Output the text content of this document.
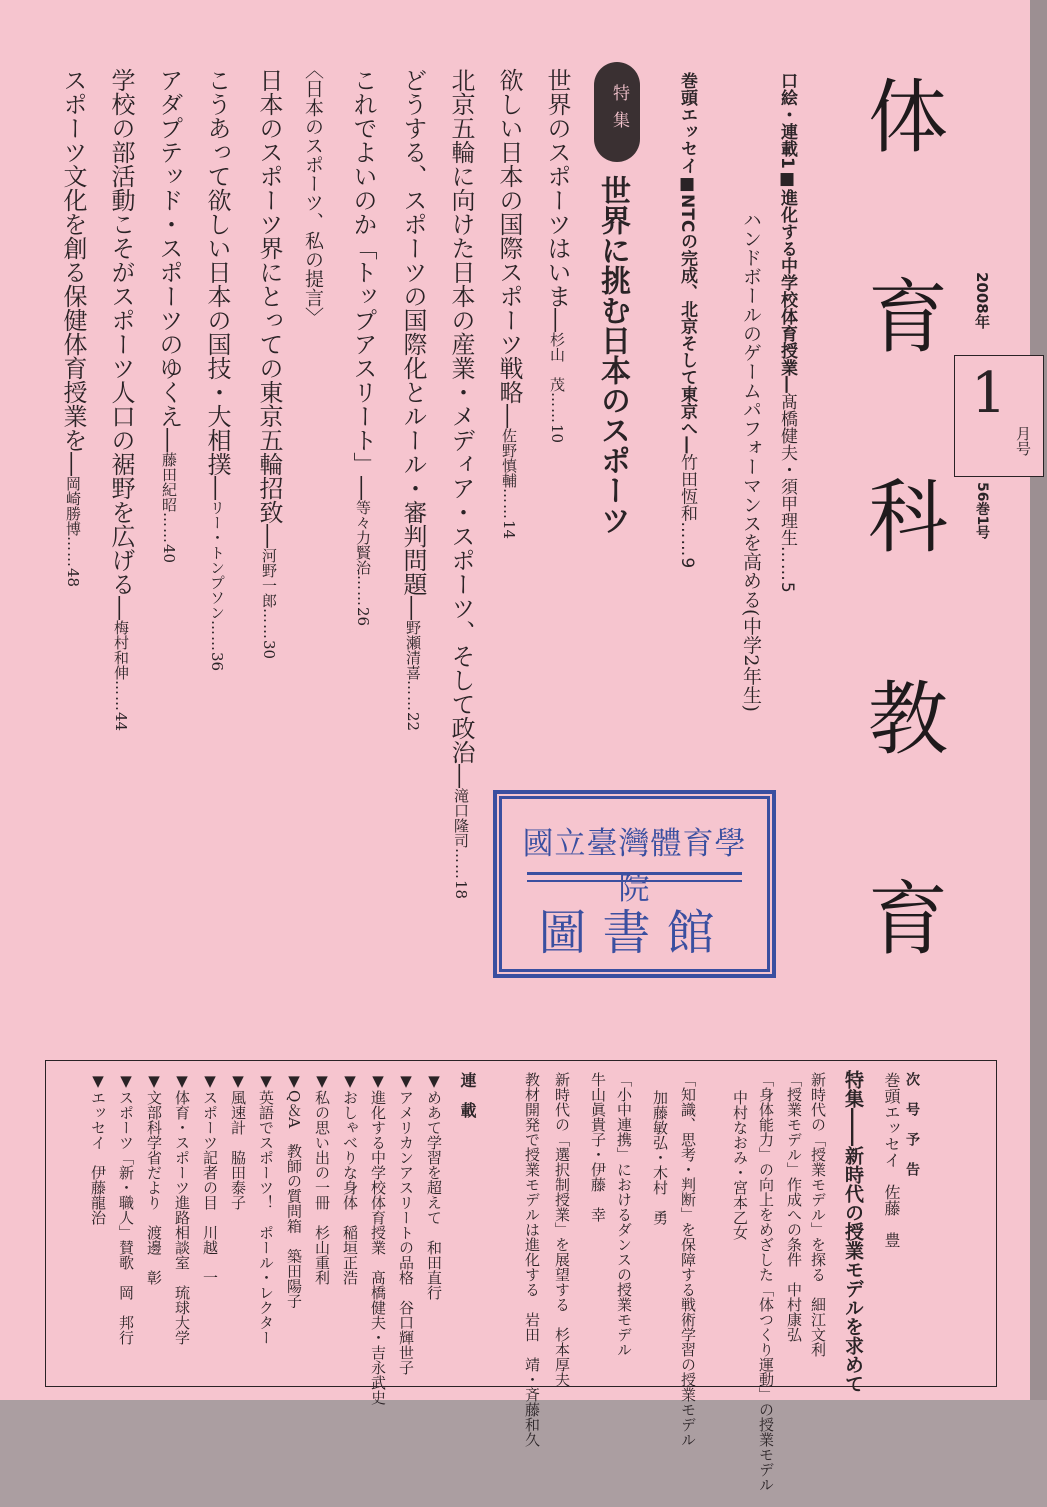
体
育
科
教
育
2008年
1
月号
56巻1号
口絵・連載1■進化する中学校体育授業―髙橋健夫・須甲理生……5
ハンドボールのゲームパフォーマンスを高める(中学2年生)
巻頭エッセイ■NTCの完成、北京そして東京へ―竹田恆和……9
特集
世界に挑む日本のスポーツ
世界のスポーツはいま―杉山　茂……10
欲しい日本の国際スポーツ戦略―佐野慎輔……14
北京五輪に向けた日本の産業・メディア・スポーツ、そして政治―滝口隆司……18
どうする、スポーツの国際化とルール・審判問題―野瀬清喜……22
これでよいのか「トップアスリート」―等々力賢治……26
〈日本のスポーツ、私の提言〉
日本のスポーツ界にとっての東京五輪招致―河野一郎……30
こうあって欲しい日本の国技・大相撲―リー・トンプソン……36
アダプテッド・スポーツのゆくえ―藤田紀昭……40
学校の部活動こそがスポーツ人口の裾野を広げる―梅村和伸……44
スポーツ文化を創る保健体育授業を―岡崎勝博……48
國立臺灣體育學院
圖書館
次号予告
巻頭エッセイ　佐藤　豊
特集――新時代の授業モデルを求めて
新時代の「授業モデル」を探る　細江文利
「授業モデル」作成への条件　中村康弘
「身体能力」の向上をめざした「体つくり運動」の授業モデル
中村なおみ・宮本乙女
「知識、思考・判断」を保障する戦術学習の授業モデル
加藤敏弘・木村　勇
「小中連携」におけるダンスの授業モデル
牛山眞貴子・伊藤　幸
新時代の「選択制授業」を展望する　杉本厚夫
教材開発で授業モデルは進化する　岩田　靖・斉藤和久
連載
▼めあて学習を超えて　和田直行
▼アメリカンアスリートの品格　谷口輝世子
▼進化する中学校体育授業　髙橋健夫・吉永武史
▼おしゃべりな身体　稲垣正浩
▼私の思い出の一冊　杉山重利
▼Q＆A　教師の質問箱　築田陽子
▼英語でスポーツ！　ポール・レクター
▼風速計　脇田泰子
▼スポーツ記者の目　川越　一
▼体育・スポーツ進路相談室　琉球大学
▼文部科学省だより　渡邊　彰
▼スポーツ「新・職人」賛歌　岡　邦行
▼エッセイ　伊藤龍治
